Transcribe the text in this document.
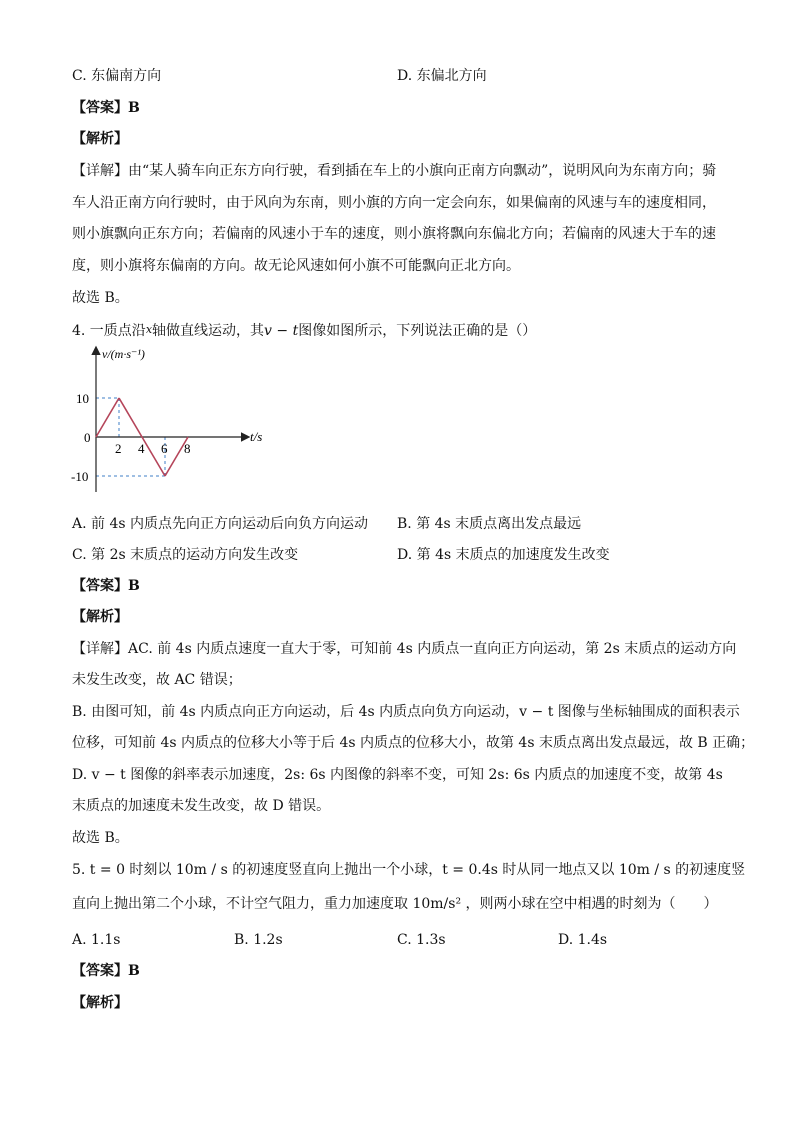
C. 东偏南方向	D. 东偏北方向
【答案】B
【解析】
【详解】由“某人骑车向正东方向行驶，看到插在车上的小旗向正南方向飘动”，说明风向为东南方向；骑
车人沿正南方向行驶时，由于风向为东南，则小旗的方向一定会向东，如果偏南的风速与车的速度相同，
则小旗飘向正东方向；若偏南的风速小于车的速度，则小旗将飘向东偏北方向；若偏南的风速大于车的速
度，则小旗将东偏南的方向。故无论风速如何小旗不可能飘向正北方向。
故选 B。
4. 一质点沿x轴做直线运动，其v − t图像如图所示，下列说法正确的是（）
10
-10
0
2 4 6 8
t/s
v/(m·s⁻¹)
A. 前 4s 内质点先向正方向运动后向负方向运动 B. 第 4s 末质点离出发点最远
C. 第 2s 末质点的运动方向发生改变	D. 第 4s 末质点的加速度发生改变
【答案】B
【解析】
【详解】AC. 前 4s 内质点速度一直大于零，可知前 4s 内质点一直向正方向运动，第 2s 末质点的运动方向
未发生改变，故 AC 错误；
B. 由图可知，前 4s 内质点向正方向运动，后 4s 内质点向负方向运动，v − t 图像与坐标轴围成的面积表示
位移，可知前 4s 内质点的位移大小等于后 4s 内质点的位移大小，故第 4s 末质点离出发点最远，故 B 正确；
D. v − t 图像的斜率表示加速度，2s: 6s 内图像的斜率不变，可知 2s: 6s 内质点的加速度不变，故第 4s
末质点的加速度未发生改变，故 D 错误。
故选 B。
5. t = 0 时刻以 10m / s 的初速度竖直向上抛出一个小球，t = 0.4s 时从同一地点又以 10m / s 的初速度竖
直向上抛出第二个小球，不计空气阻力，重力加速度取 10m/s² ，则两小球在空中相遇的时刻为（　　）
A. 1.1s	B. 1.2s	C. 1.3s	D. 1.4s
【答案】B
【解析】
